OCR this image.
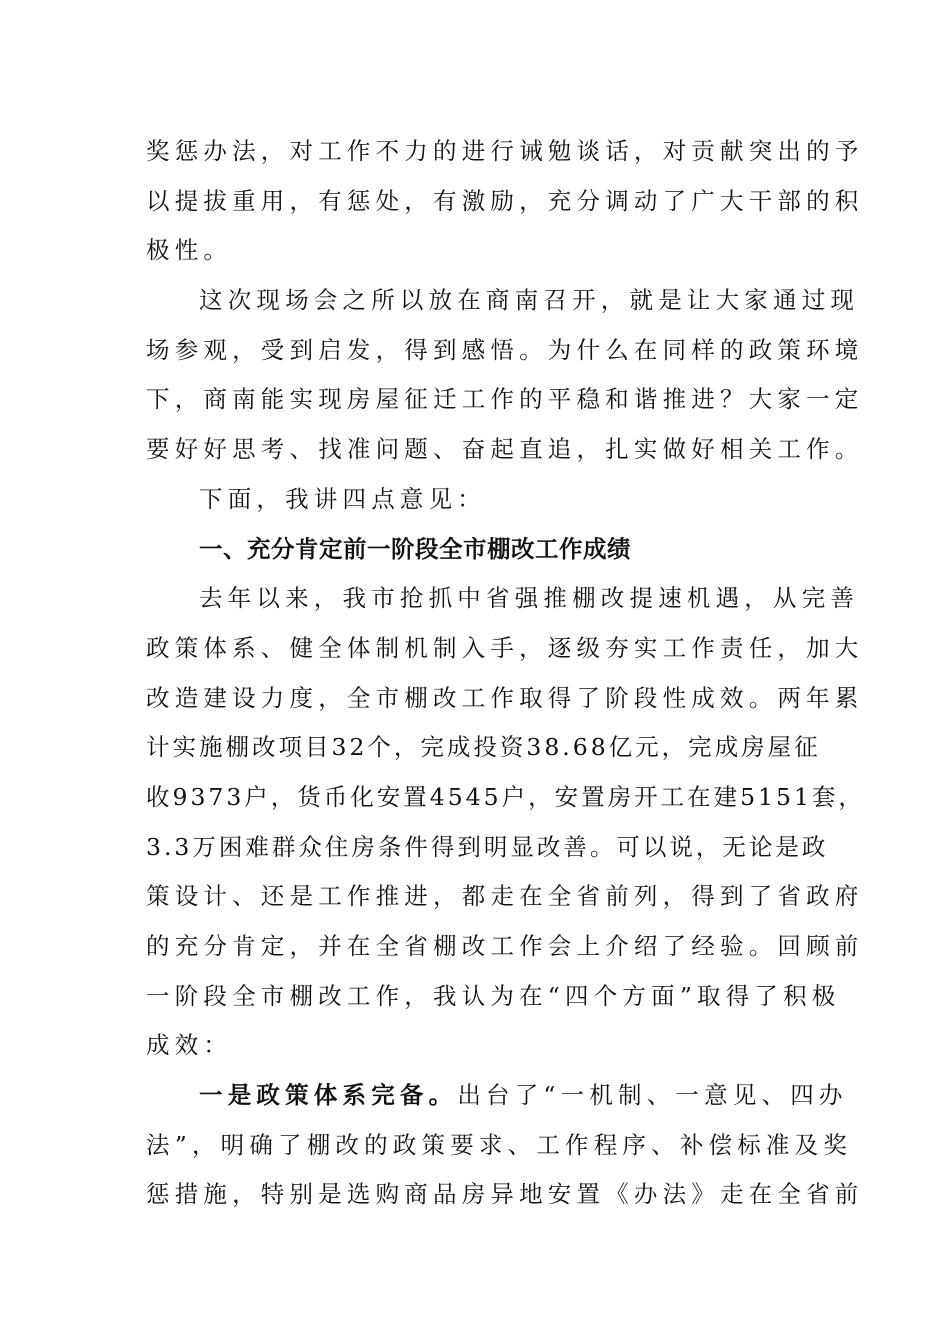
奖惩办法，对工作不力的进行诫勉谈话，对贡献突出的予
以提拔重用，有惩处，有激励，充分调动了广大干部的积
极性。
这次现场会之所以放在商南召开，就是让大家通过现
场参观，受到启发，得到感悟。为什么在同样的政策环境
下，商南能实现房屋征迁工作的平稳和谐推进？大家一定
要好好思考、找准问题、奋起直追，扎实做好相关工作。
下面，我讲四点意见：
一、充分肯定前一阶段全市棚改工作成绩
去年以来，我市抢抓中省强推棚改提速机遇，从完善
政策体系、健全体制机制入手，逐级夯实工作责任，加大
改造建设力度，全市棚改工作取得了阶段性成效。两年累
计实施棚改项目32个，完成投资38.68亿元，完成房屋征
收9373户，货币化安置4545户，安置房开工在建5151套，
3.3万困难群众住房条件得到明显改善。可以说，无论是政
策设计、还是工作推进，都走在全省前列，得到了省政府
的充分肯定，并在全省棚改工作会上介绍了经验。回顾前
一阶段全市棚改工作，我认为在“四个方面”取得了积极
成效：
一是政策体系完备。出台了“一机制、一意见、四办
法”，明确了棚改的政策要求、工作程序、补偿标准及奖
惩措施，特别是选购商品房异地安置《办法》走在全省前
